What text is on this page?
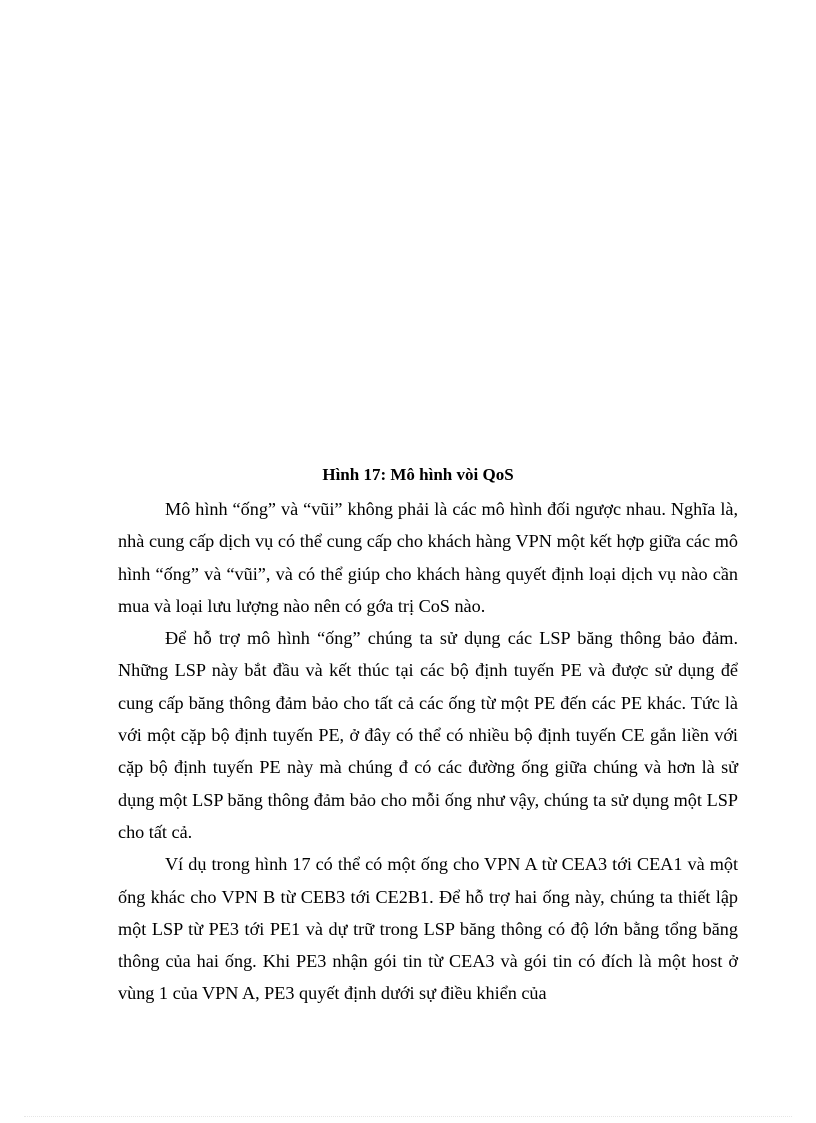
Hình 17: Mô hình vòi QoS

Mô hình “ống” và “vũi” không phải là các mô hình đối ngược nhau. Nghĩa là, nhà cung cấp dịch vụ có thể cung cấp cho khách hàng VPN một kết hợp giữa các mô hình “ống” và “vũi”, và có thể giúp cho khách hàng quyết định loại dịch vụ nào cần mua và loại lưu lượng nào nên có gớa trị CoS nào.

Để hỗ trợ mô hình “ống” chúng ta sử dụng các LSP băng thông bảo đảm. Những LSP này bắt đầu và kết thúc tại các bộ định tuyến PE và được sử dụng để cung cấp băng thông đảm bảo cho tất cả các ống từ một PE đến các PE khác. Tức là với một cặp bộ định tuyến PE, ở đây có thể có nhiều bộ định tuyến CE gắn liền với cặp bộ định tuyến PE này mà chúng đ có các đường ống giữa chúng và hơn là sử dụng một LSP băng thông đảm bảo cho mỗi ống như vậy, chúng ta sử dụng một LSP cho tất cả.

Ví dụ trong hình 17 có thể có một ống cho VPN A từ CEA3 tới CEA1 và một ống khác cho VPN B từ CEB3 tới CE2B1. Để hỗ trợ hai ống này, chúng ta thiết lập một LSP từ PE3 tới PE1 và dự trữ trong LSP băng thông có độ lớn bằng tổng băng thông của hai ống. Khi PE3 nhận gói tin từ CEA3 và gói tin có đích là một host ở vùng 1 của VPN A, PE3 quyết định dưới sự điều khiển của
